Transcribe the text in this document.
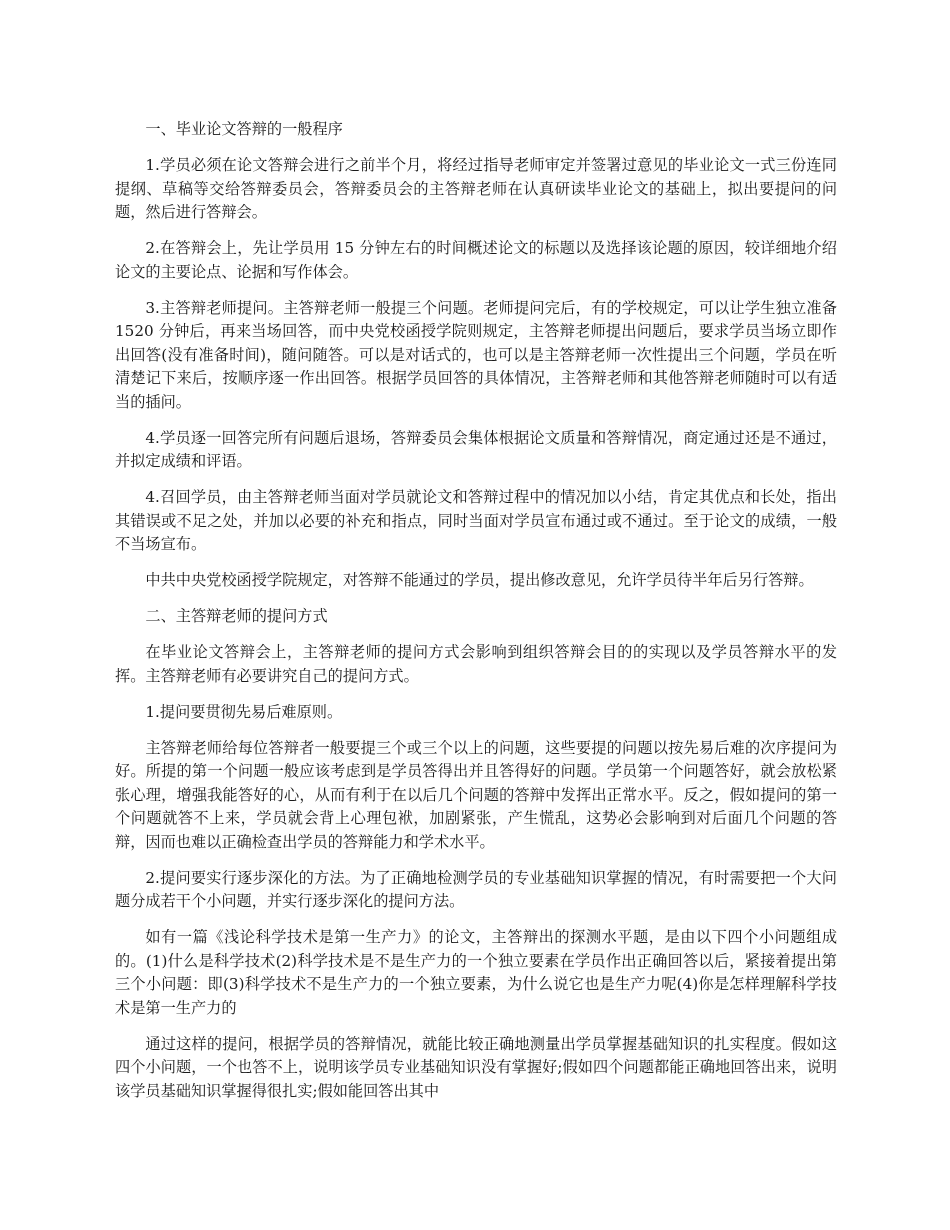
一、毕业论文答辩的一般程序

1.学员必须在论文答辩会进行之前半个月，将经过指导老师审定并签署过意见的毕业论文一式三份连同提纲、草稿等交给答辩委员会，答辩委员会的主答辩老师在认真研读毕业论文的基础上，拟出要提问的问题，然后进行答辩会。

2.在答辩会上，先让学员用 15 分钟左右的时间概述论文的标题以及选择该论题的原因，较详细地介绍论文的主要论点、论据和写作体会。

3.主答辩老师提问。主答辩老师一般提三个问题。老师提问完后，有的学校规定，可以让学生独立准备 1520 分钟后，再来当场回答，而中央党校函授学院则规定，主答辩老师提出问题后，要求学员当场立即作出回答(没有准备时间)，随问随答。可以是对话式的，也可以是主答辩老师一次性提出三个问题，学员在听清楚记下来后，按顺序逐一作出回答。根据学员回答的具体情况，主答辩老师和其他答辩老师随时可以有适当的插问。

4.学员逐一回答完所有问题后退场，答辩委员会集体根据论文质量和答辩情况，商定通过还是不通过，并拟定成绩和评语。

4.召回学员，由主答辩老师当面对学员就论文和答辩过程中的情况加以小结，肯定其优点和长处，指出其错误或不足之处，并加以必要的补充和指点，同时当面对学员宣布通过或不通过。至于论文的成绩，一般不当场宣布。

中共中央党校函授学院规定，对答辩不能通过的学员，提出修改意见，允许学员待半年后另行答辩。

二、主答辩老师的提问方式

在毕业论文答辩会上，主答辩老师的提问方式会影响到组织答辩会目的的实现以及学员答辩水平的发挥。主答辩老师有必要讲究自己的提问方式。

1.提问要贯彻先易后难原则。

主答辩老师给每位答辩者一般要提三个或三个以上的问题，这些要提的问题以按先易后难的次序提问为好。所提的第一个问题一般应该考虑到是学员答得出并且答得好的问题。学员第一个问题答好，就会放松紧张心理，增强我能答好的心，从而有利于在以后几个问题的答辩中发挥出正常水平。反之，假如提问的第一个问题就答不上来，学员就会背上心理包袱，加剧紧张，产生慌乱，这势必会影响到对后面几个问题的答辩，因而也难以正确检查出学员的答辩能力和学术水平。

2.提问要实行逐步深化的方法。为了正确地检测学员的专业基础知识掌握的情况，有时需要把一个大问题分成若干个小问题，并实行逐步深化的提问方法。

如有一篇《浅论科学技术是第一生产力》的论文，主答辩出的探测水平题，是由以下四个小问题组成的。(1)什么是科学技术(2)科学技术是不是生产力的一个独立要素在学员作出正确回答以后，紧接着提出第三个小问题：即(3)科学技术不是生产力的一个独立要素，为什么说它也是生产力呢(4)你是怎样理解科学技术是第一生产力的

通过这样的提问，根据学员的答辩情况，就能比较正确地测量出学员掌握基础知识的扎实程度。假如这四个小问题，一个也答不上，说明该学员专业基础知识没有掌握好;假如四个问题都能正确地回答出来，说明该学员基础知识掌握得很扎实;假如能回答出其中
